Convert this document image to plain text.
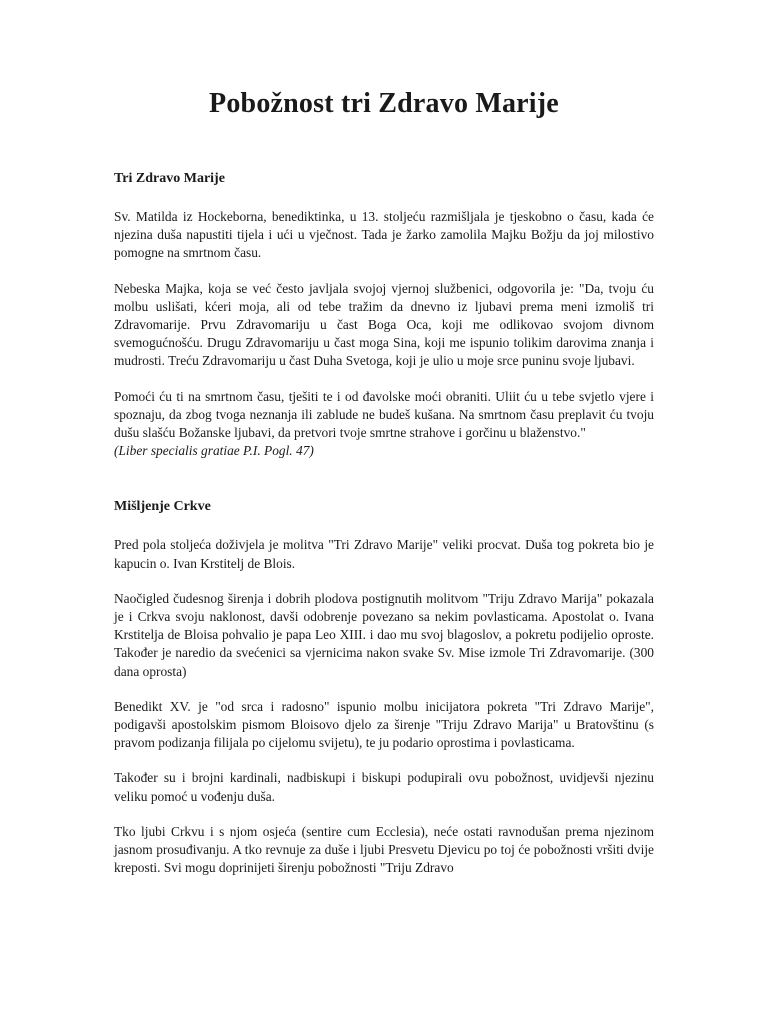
Pobožnost tri Zdravo Marije
Tri Zdravo Marije

Sv. Matilda iz Hockeborna, benediktinka, u 13. stoljeću razmišljala je tjeskobno o času, kada će njezina duša napustiti tijela i ući u vječnost. Tada je žarko zamolila Majku Božju da joj milostivo pomogne na smrtnom času.

Nebeska Majka, koja se već često javljala svojoj vjernoj službenici, odgovorila je: "Da, tvoju ću molbu uslišati, kćeri moja, ali od tebe tražim da dnevno iz ljubavi prema meni izmoliš tri Zdravomarije. Prvu Zdravomariju u čast Boga Oca, koji me odlikovao svojom divnom svemogućnošću. Drugu Zdravomariju u čast moga Sina, koji me ispunio tolikim darovima znanja i mudrosti. Treću Zdravomariju u čast Duha Svetoga, koji je ulio u moje srce puninu svoje ljubavi.

Pomoći ću ti na smrtnom času, tješiti te i od đavolske moći obraniti. Uliit ću u tebe svjetlo vjere i spoznaju, da zbog tvoga neznanja ili zablude ne budeš kušana. Na smrtnom času preplavit ću tvoju dušu slašću Božanske ljubavi, da pretvori tvoje smrtne strahove i gorčinu u blaženstvo."

(Liber specialis gratiae P.I. Pogl. 47)

Mišljenje Crkve

Pred pola stoljeća doživjela je molitva "Tri Zdravo Marije" veliki procvat. Duša tog pokreta bio je kapucin o. Ivan Krstitelj de Blois.

Naočigled čudesnog širenja i dobrih plodova postignutih molitvom "Triju Zdravo Marija" pokazala je i Crkva svoju naklonost, davši odobrenje povezano sa nekim povlasticama. Apostolat o. Ivana Krstitelja de Bloisa pohvalio je papa Leo XIII. i dao mu svoj blagoslov, a pokretu podijelio oproste. Također je naredio da svećenici sa vjernicima nakon svake Sv. Mise izmole Tri Zdravomarije. (300 dana oprosta)

Benedikt XV. je "od srca i radosno" ispunio molbu inicijatora pokreta "Tri Zdravo Marije", podigavši apostolskim pismom Bloisovo djelo za širenje "Triju Zdravo Marija" u Bratovštinu (s pravom podizanja filijala po cijelomu svijetu), te ju podario oprostima i povlasticama.

Također su i brojni kardinali, nadbiskupi i biskupi podupirali ovu pobožnost, uvidjevši njezinu veliku pomoć u vođenju duša.

Tko ljubi Crkvu i s njom osjeća (sentire cum Ecclesia), neće ostati ravnodušan prema njezinom jasnom prosuđivanju. A tko revnuje za duše i ljubi Presvetu Djevicu po toj će pobožnosti vršiti dvije kreposti. Svi mogu doprinijeti širenju pobožnosti "Triju Zdravo
